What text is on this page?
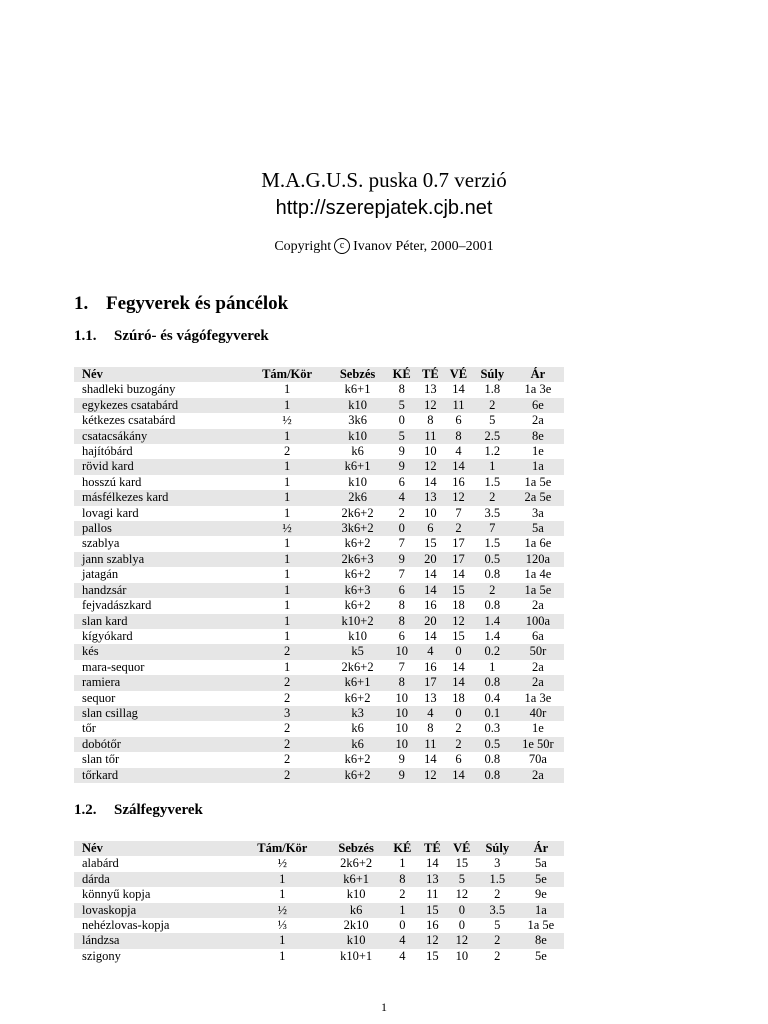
M.A.G.U.S. puska 0.7 verzió
http://szerepjatek.cjb.net
Copyright c Ivanov Péter, 2000–2001
1. Fegyverek és páncélok
1.1. Szúró- és vágófegyverek
Név	Tám/Kör	Sebzés	KÉ	TÉ	VÉ	Súly	Ár
shadleki buzogány	1	k6+1	8	13	14	1.8	1a 3e
egykezes csatabárd	1	k10	5	12	11	2	6e
kétkezes csatabárd	½	3k6	0	8	6	5	2a
csatacsákány	1	k10	5	11	8	2.5	8e
hajítóbárd	2	k6	9	10	4	1.2	1e
rövid kard	1	k6+1	9	12	14	1	1a
hosszú kard	1	k10	6	14	16	1.5	1a 5e
másfélkezes kard	1	2k6	4	13	12	2	2a 5e
lovagi kard	1	2k6+2	2	10	7	3.5	3a
pallos	½	3k6+2	0	6	2	7	5a
szablya	1	k6+2	7	15	17	1.5	1a 6e
jann szablya	1	2k6+3	9	20	17	0.5	120a
jatagán	1	k6+2	7	14	14	0.8	1a 4e
handzsár	1	k6+3	6	14	15	2	1a 5e
fejvadászkard	1	k6+2	8	16	18	0.8	2a
slan kard	1	k10+2	8	20	12	1.4	100a
kígyókard	1	k10	6	14	15	1.4	6a
kés	2	k5	10	4	0	0.2	50r
mara-sequor	1	2k6+2	7	16	14	1	2a
ramiera	2	k6+1	8	17	14	0.8	2a
sequor	2	k6+2	10	13	18	0.4	1a 3e
slan csillag	3	k3	10	4	0	0.1	40r
tőr	2	k6	10	8	2	0.3	1e
dobótőr	2	k6	10	11	2	0.5	1e 50r
slan tőr	2	k6+2	9	14	6	0.8	70a
tőrkard	2	k6+2	9	12	14	0.8	2a
1.2. Szálfegyverek
Név	Tám/Kör	Sebzés	KÉ	TÉ	VÉ	Súly	Ár
alabárd	½	2k6+2	1	14	15	3	5a
dárda	1	k6+1	8	13	5	1.5	5e
könnyű kopja	1	k10	2	11	12	2	9e
lovaskopja	½	k6	1	15	0	3.5	1a
nehézlovas-kopja	⅓	2k10	0	16	0	5	1a 5e
lándzsa	1	k10	4	12	12	2	8e
szigony	1	k10+1	4	15	10	2	5e
1
